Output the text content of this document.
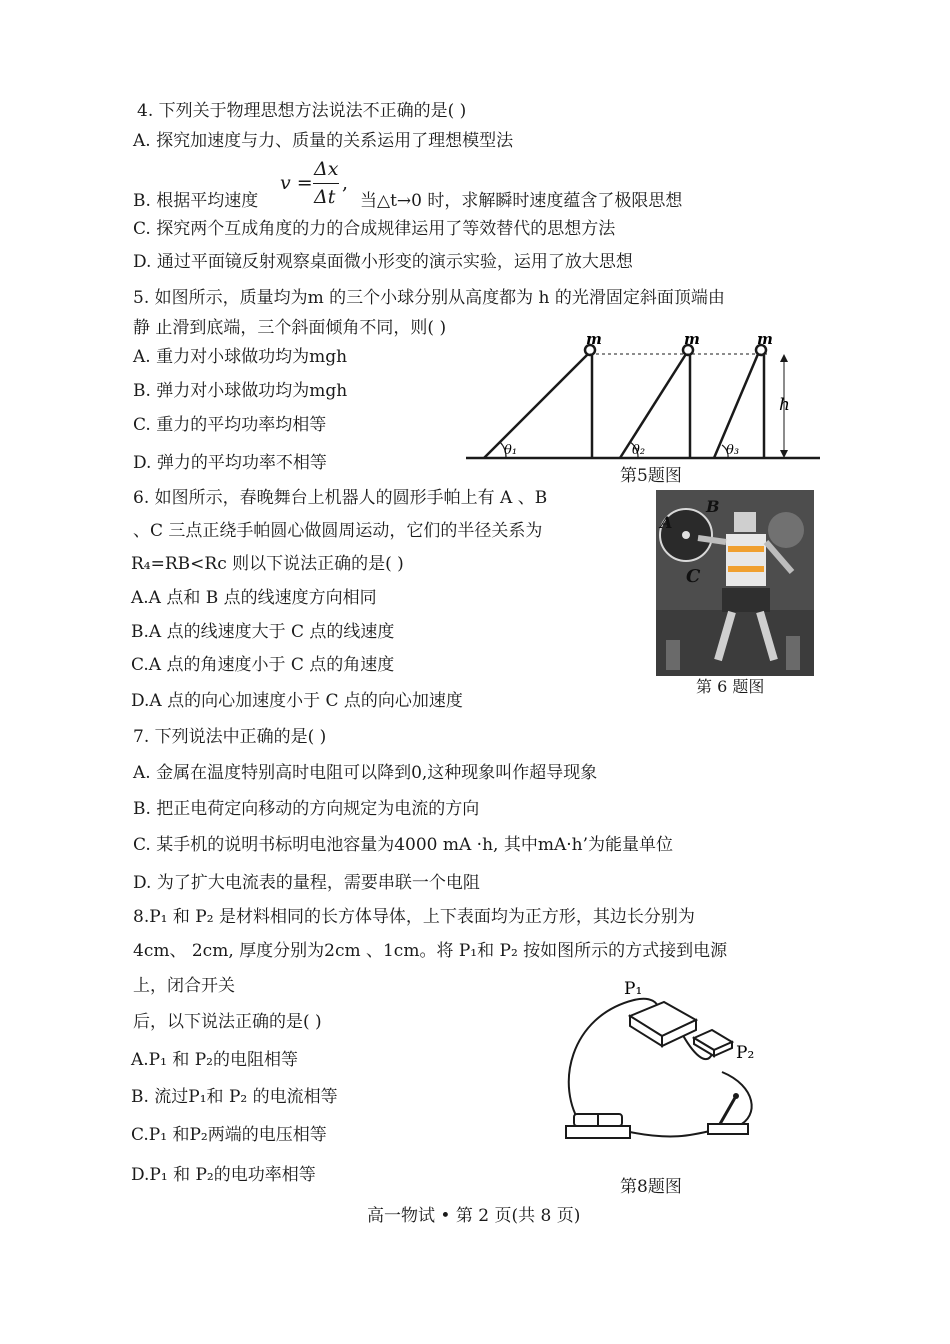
4. 下列关于物理思想方法说法不正确的是( )
A. 探究加速度与力、质量的关系运用了理想模型法
B. 根据平均速度
v =
Δx
Δt
,
当△t→0 时，求解瞬时速度蕴含了极限思想
C. 探究两个互成角度的力的合成规律运用了等效替代的思想方法
D. 通过平面镜反射观察桌面微小形变的演示实验，运用了放大思想
5. 如图所示，质量均为m 的三个小球分别从高度都为 h 的光滑固定斜面顶端由
静 止滑到底端，三个斜面倾角不同，则( )
A. 重力对小球做功均为mgh
B. 弹力对小球做功均为mgh
C. 重力的平均功率均相等
D. 弹力的平均功率不相等
m	m	m
h
θ₁	θ₂	θ₃
第5题图
6. 如图所示，春晚舞台上机器人的圆形手帕上有 A 、B
、C 三点正绕手帕圆心做圆周运动，它们的半径关系为
R₄=RB<Rc 则以下说法正确的是( )
A.A 点和 B 点的线速度方向相同
B.A 点的线速度大于 C 点的线速度
C.A 点的角速度小于 C 点的角速度
D.A 点的向心加速度小于 C 点的向心加速度
A
B
C
第 6 题图
7. 下列说法中正确的是( )
A. 金属在温度特别高时电阻可以降到0,这种现象叫作超导现象
B. 把正电荷定向移动的方向规定为电流的方向
C. 某手机的说明书标明电池容量为4000 mA ·h, 其中mA·h’为能量单位
D. 为了扩大电流表的量程，需要串联一个电阻
8.P₁ 和 P₂ 是材料相同的长方体导体，上下表面均为正方形，其边长分别为
4cm、 2cm, 厚度分别为2cm 、1cm。将 P₁和 P₂ 按如图所示的方式接到电源
上，闭合开关
后，以下说法正确的是( )
A.P₁ 和 P₂的电阻相等
B. 流过P₁和 P₂ 的电流相等
C.P₁ 和P₂两端的电压相等
D.P₁ 和 P₂的电功率相等
P₁
P₂
第8题图
高一物试 • 第 2 页(共 8 页)
